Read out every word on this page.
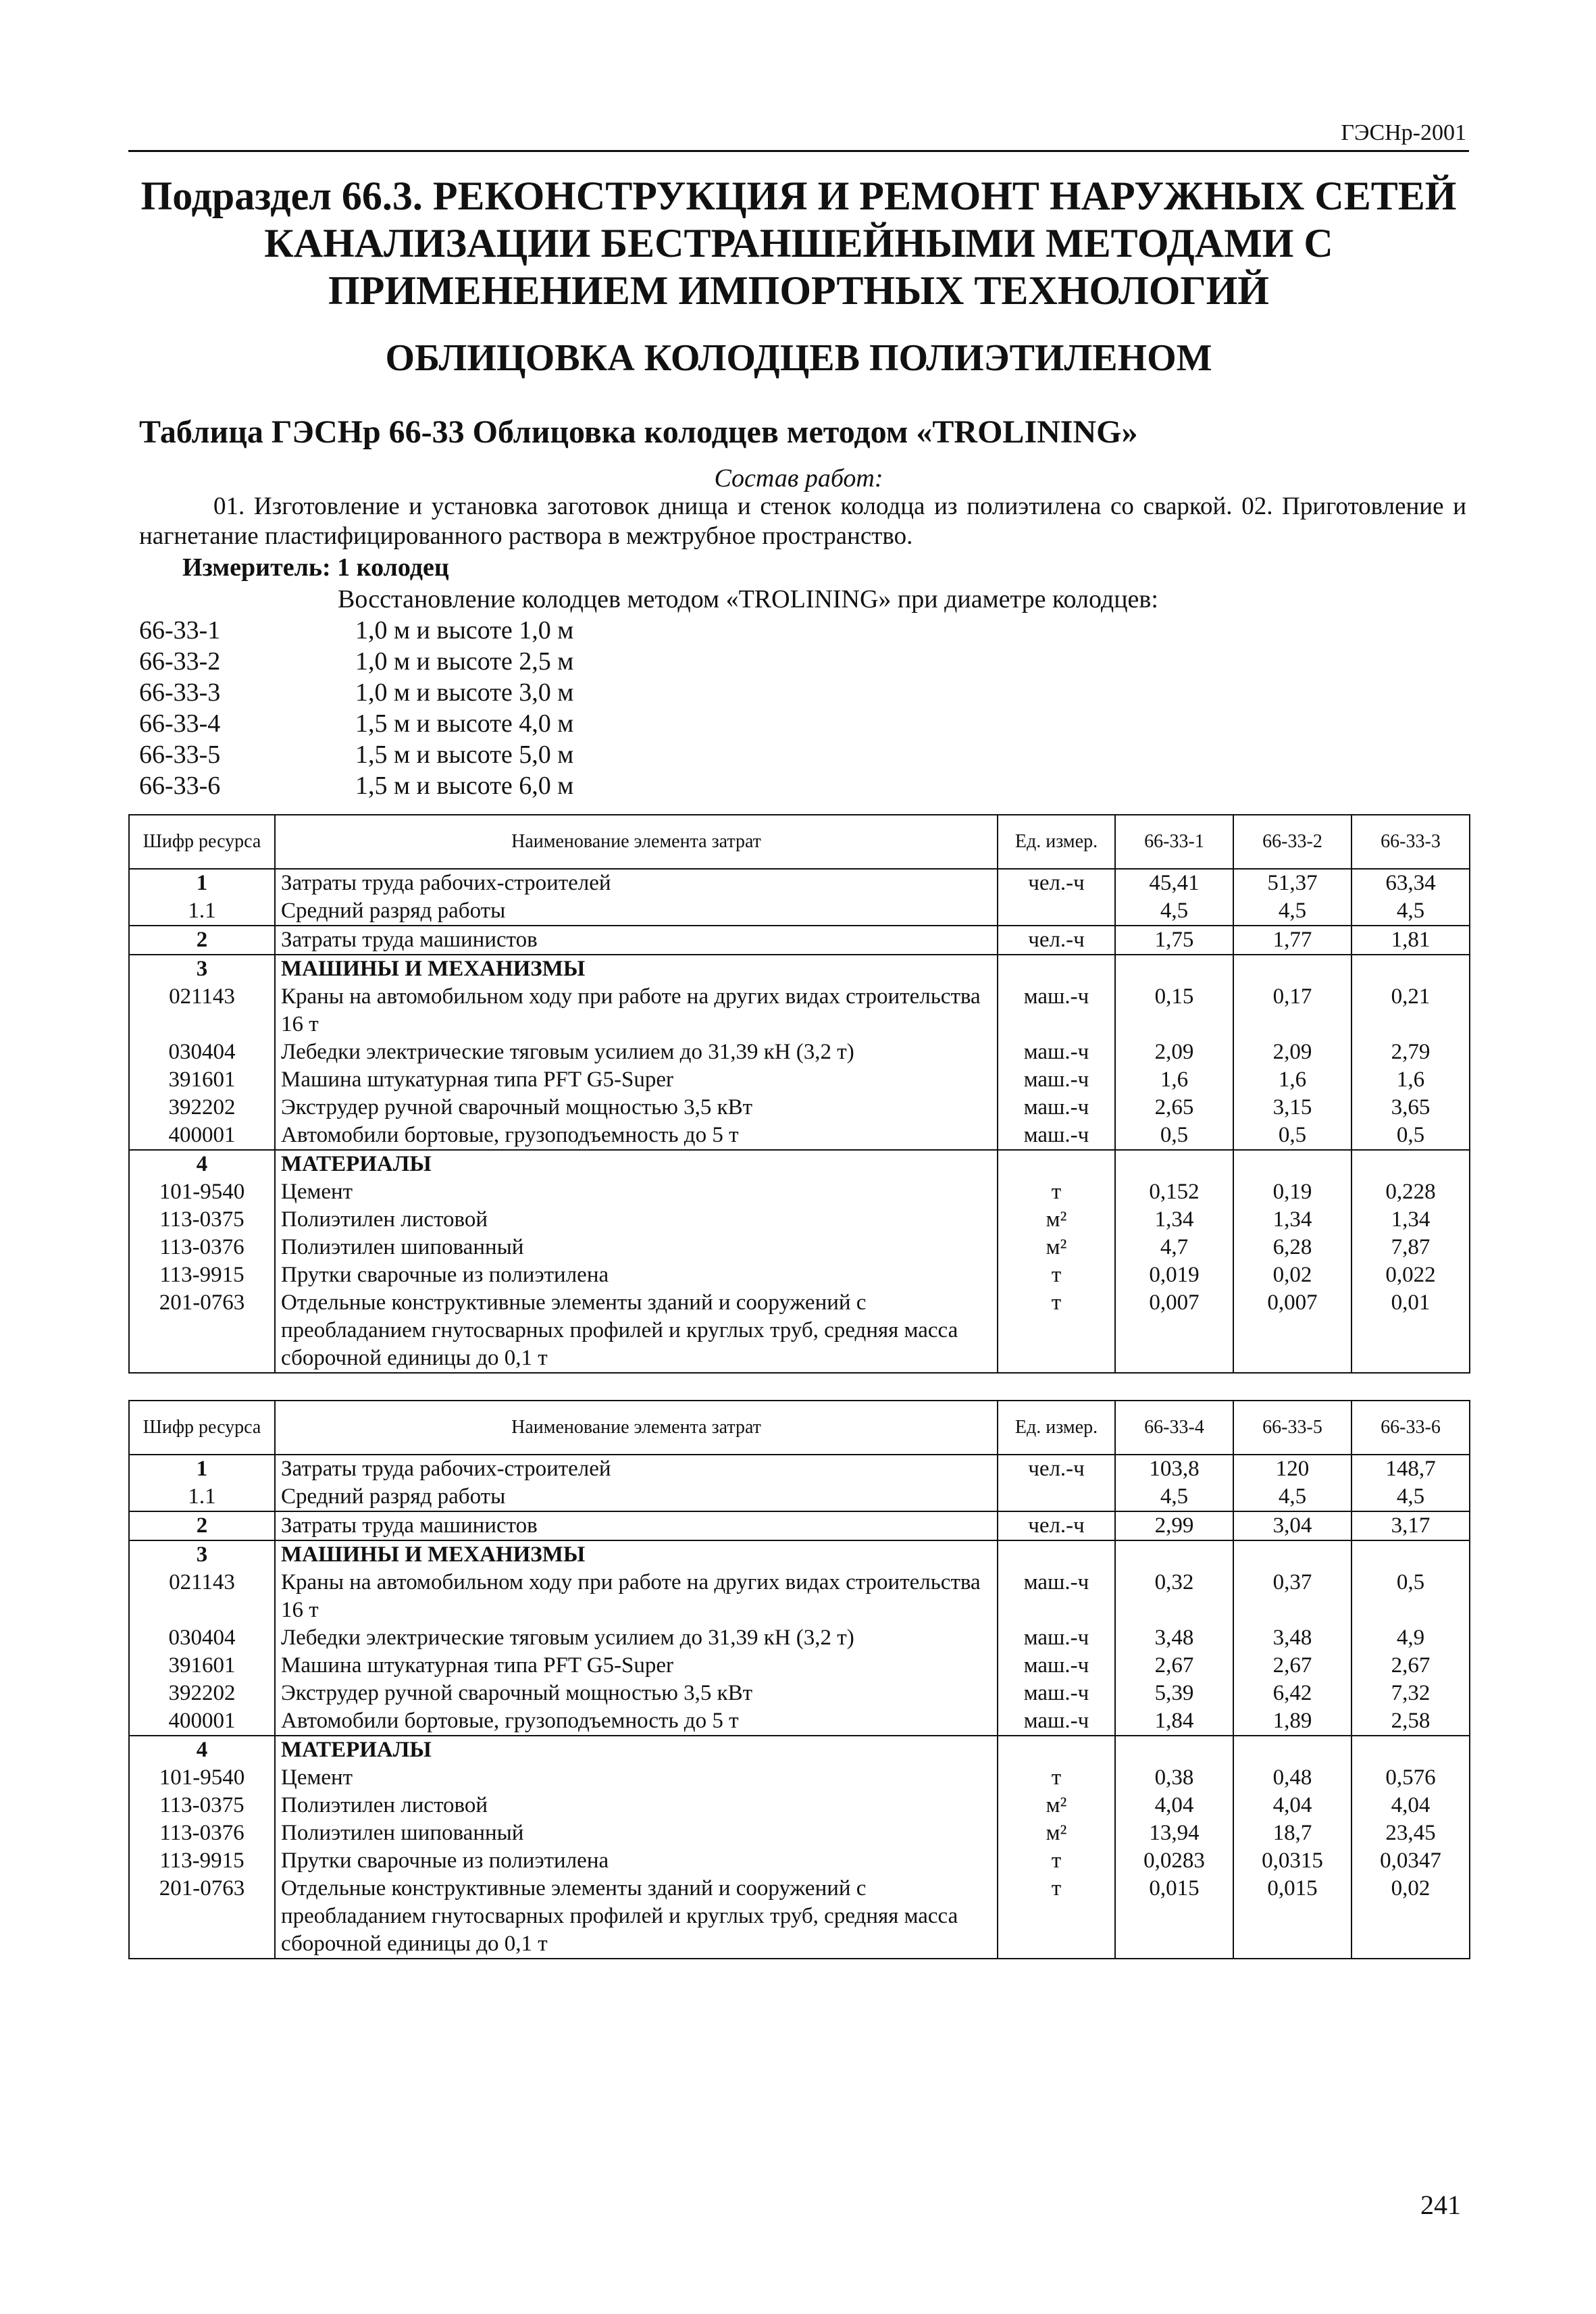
ГЭСНр-2001
Подраздел 66.3. РЕКОНСТРУКЦИЯ И РЕМОНТ НАРУЖНЫХ СЕТЕЙ
КАНАЛИЗАЦИИ БЕСТРАНШЕЙНЫМИ МЕТОДАМИ С
ПРИМЕНЕНИЕМ ИМПОРТНЫХ ТЕХНОЛОГИЙ
ОБЛИЦОВКА КОЛОДЦЕВ ПОЛИЭТИЛЕНОМ
Таблица ГЭСНр 66-33 Облицовка колодцев методом «TROLINING»
Состав работ:
01. Изготовление и установка заготовок днища и стенок колодца из полиэтилена со сваркой. 02. Приготовление и нагнетание пластифицированного раствора в межтрубное пространство.
Измеритель: 1 колодец
Восстановление колодцев методом «TROLINING» при диаметре колодцев:
66-33-1	1,0 м и высоте 1,0 м
66-33-2	1,0 м и высоте 2,5 м
66-33-3	1,0 м и высоте 3,0 м
66-33-4	1,5 м и высоте 4,0 м
66-33-5	1,5 м и высоте 5,0 м
66-33-6	1,5 м и высоте 6,0 м
Шифр ресурса	Наименование элемента затрат	Ед. измер.	66-33-1	66-33-2	66-33-3
1	Затраты труда рабочих-строителей	чел.-ч	45,41	51,37	63,34
1.1	Средний разряд работы		4,5	4,5	4,5
2	Затраты труда машинистов	чел.-ч	1,75	1,77	1,81
3	МАШИНЫ И МЕХАНИЗМЫ				
021143	Краны на автомобильном ходу при работе на других видах строительства 16 т	маш.-ч	0,15	0,17	0,21
030404	Лебедки электрические тяговым усилием до 31,39 кН (3,2 т)	маш.-ч	2,09	2,09	2,79
391601	Машина штукатурная типа PFT G5-Super	маш.-ч	1,6	1,6	1,6
392202	Экструдер ручной сварочный мощностью 3,5 кВт	маш.-ч	2,65	3,15	3,65
400001	Автомобили бортовые, грузоподъемность до 5 т	маш.-ч	0,5	0,5	0,5
4	МАТЕРИАЛЫ				
101-9540	Цемент	т	0,152	0,19	0,228
113-0375	Полиэтилен листовой	м²	1,34	1,34	1,34
113-0376	Полиэтилен шипованный	м²	4,7	6,28	7,87
113-9915	Прутки сварочные из полиэтилена	т	0,019	0,02	0,022
201-0763	Отдельные конструктивные элементы зданий и сооружений с преобладанием гнутосварных профилей и круглых труб, средняя масса сборочной единицы до 0,1 т	т	0,007	0,007	0,01
Шифр ресурса	Наименование элемента затрат	Ед. измер.	66-33-4	66-33-5	66-33-6
1	Затраты труда рабочих-строителей	чел.-ч	103,8	120	148,7
1.1	Средний разряд работы		4,5	4,5	4,5
2	Затраты труда машинистов	чел.-ч	2,99	3,04	3,17
3	МАШИНЫ И МЕХАНИЗМЫ				
021143	Краны на автомобильном ходу при работе на других видах строительства 16 т	маш.-ч	0,32	0,37	0,5
030404	Лебедки электрические тяговым усилием до 31,39 кН (3,2 т)	маш.-ч	3,48	3,48	4,9
391601	Машина штукатурная типа PFT G5-Super	маш.-ч	2,67	2,67	2,67
392202	Экструдер ручной сварочный мощностью 3,5 кВт	маш.-ч	5,39	6,42	7,32
400001	Автомобили бортовые, грузоподъемность до 5 т	маш.-ч	1,84	1,89	2,58
4	МАТЕРИАЛЫ				
101-9540	Цемент	т	0,38	0,48	0,576
113-0375	Полиэтилен листовой	м²	4,04	4,04	4,04
113-0376	Полиэтилен шипованный	м²	13,94	18,7	23,45
113-9915	Прутки сварочные из полиэтилена	т	0,0283	0,0315	0,0347
201-0763	Отдельные конструктивные элементы зданий и сооружений с преобладанием гнутосварных профилей и круглых труб, средняя масса сборочной единицы до 0,1 т	т	0,015	0,015	0,02
241
